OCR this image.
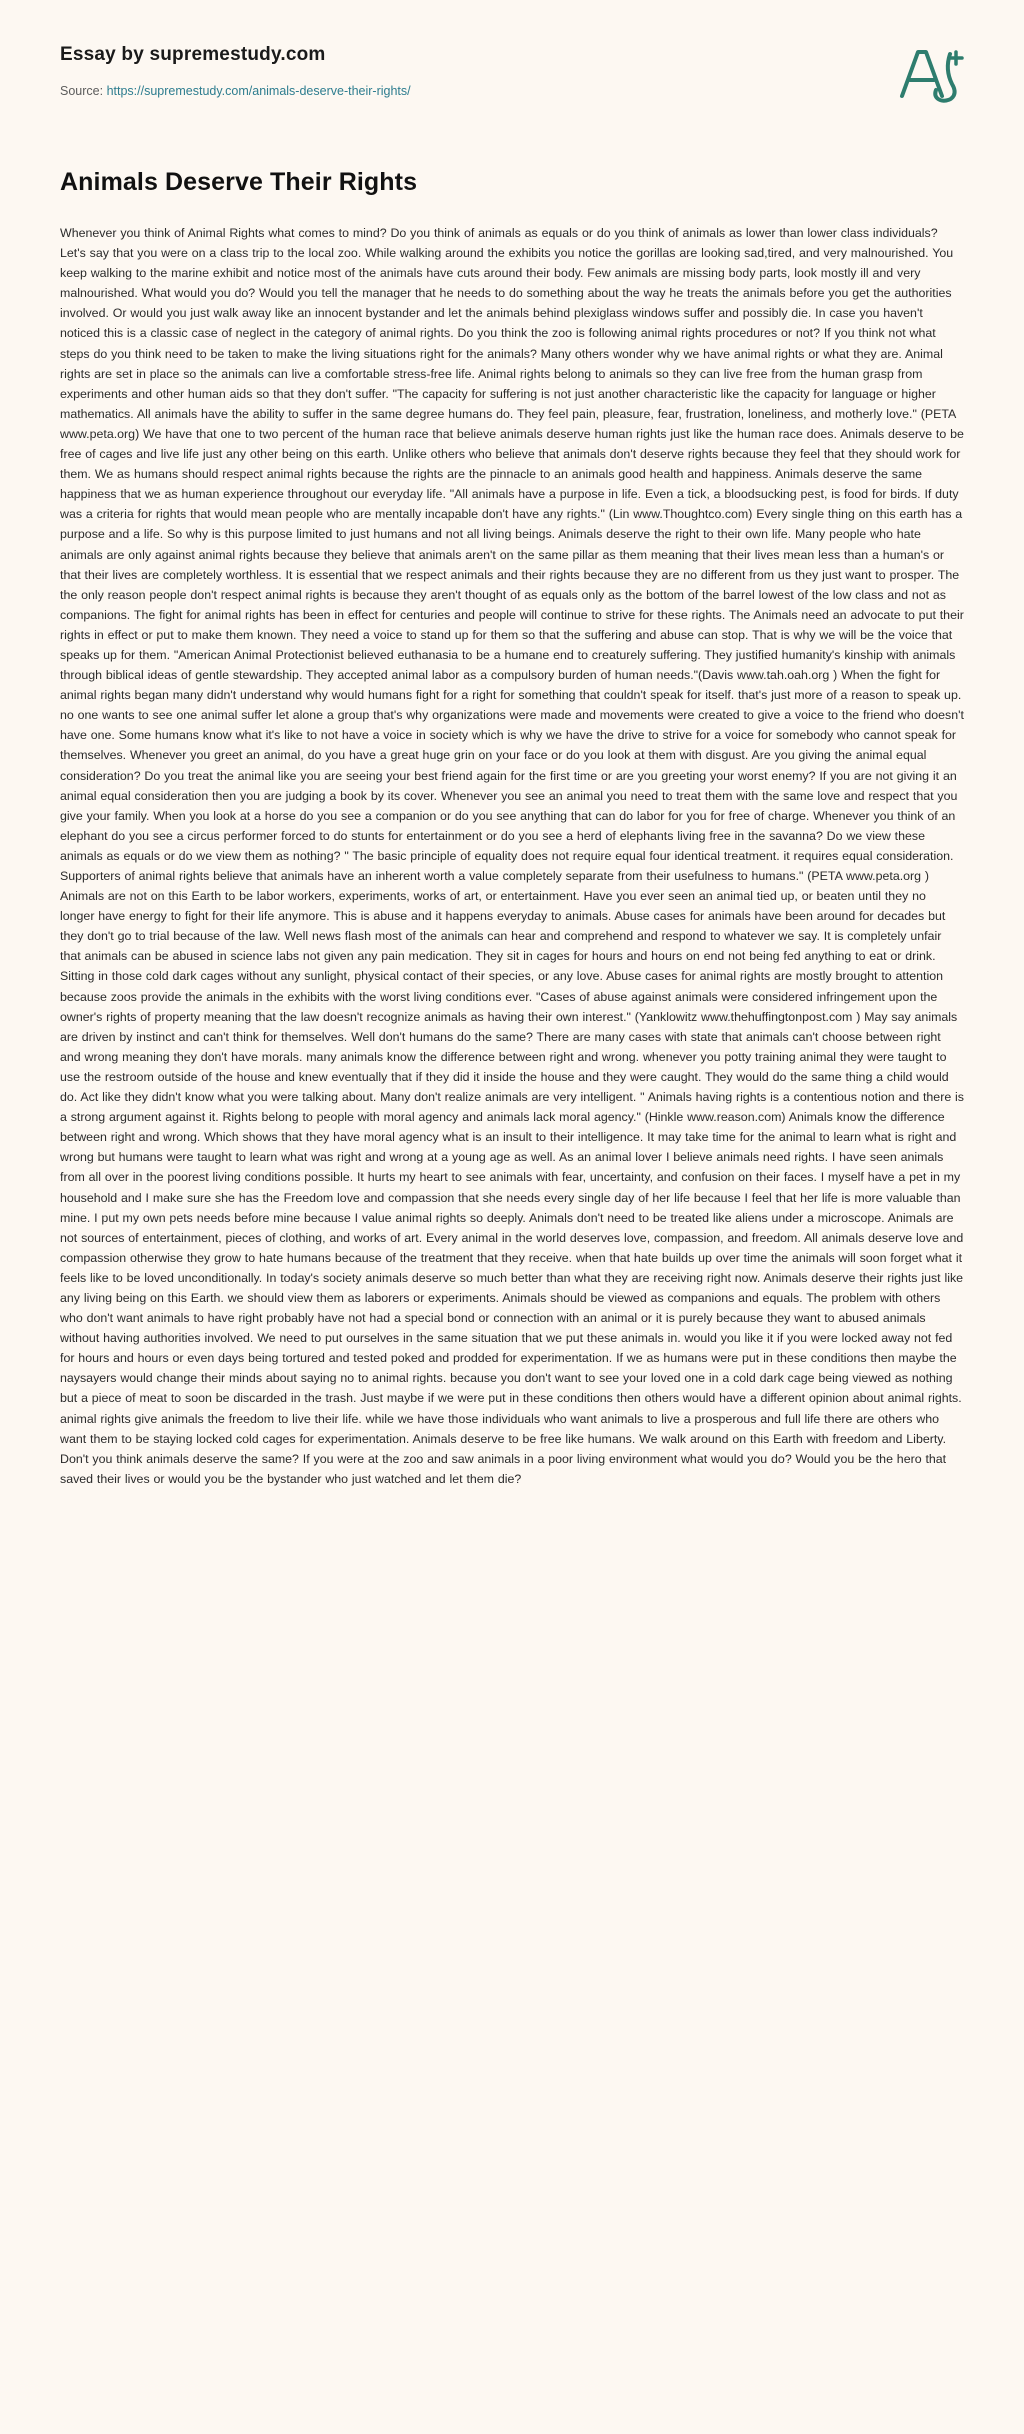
Essay by supremestudy.com
Source: https://supremestudy.com/animals-deserve-their-rights/
Animals Deserve Their Rights

Whenever you think of Animal Rights what comes to mind? Do you think of animals as equals or do you think of animals as lower than lower class individuals? Let's say that you were on a class trip to the local zoo. While walking around the exhibits you notice the gorillas are looking sad,tired, and very malnourished. You keep walking to the marine exhibit and notice most of the animals have cuts around their body. Few animals are missing body parts, look mostly ill and very malnourished. What would you do? Would you tell the manager that he needs to do something about the way he treats the animals before you get the authorities involved. Or would you just walk away like an innocent bystander and let the animals behind plexiglass windows suffer and possibly die. In case you haven't noticed this is a classic case of neglect in the category of animal rights. Do you think the zoo is following animal rights procedures or not? If you think not what steps do you think need to be taken to make the living situations right for the animals? Many others wonder why we have animal rights or what they are. Animal rights are set in place so the animals can live a comfortable stress-free life. Animal rights belong to animals so they can live free from the human grasp from experiments and other human aids so that they don't suffer. "The capacity for suffering is not just another characteristic like the capacity for language or higher mathematics. All animals have the ability to suffer in the same degree humans do. They feel pain, pleasure, fear, frustration, loneliness, and motherly love." (PETA www.peta.org) We have that one to two percent of the human race that believe animals deserve human rights just like the human race does. Animals deserve to be free of cages and live life just any other being on this earth. Unlike others who believe that animals don't deserve rights because they feel that they should work for them. We as humans should respect animal rights because the rights are the pinnacle to an animals good health and happiness. Animals deserve the same happiness that we as human experience throughout our everyday life. "All animals have a purpose in life. Even a tick, a bloodsucking pest, is food for birds. If duty was a criteria for rights that would mean people who are mentally incapable don't have any rights." (Lin www.Thoughtco.com) Every single thing on this earth has a purpose and a life. So why is this purpose limited to just humans and not all living beings. Animals deserve the right to their own life. Many people who hate animals are only against animal rights because they believe that animals aren't on the same pillar as them meaning that their lives mean less than a human's or that their lives are completely worthless. It is essential that we respect animals and their rights because they are no different from us they just want to prosper. The the only reason people don't respect animal rights is because they aren't thought of as equals only as the bottom of the barrel lowest of the low class and not as companions. The fight for animal rights has been in effect for centuries and people will continue to strive for these rights. The Animals need an advocate to put their rights in effect or put to make them known. They need a voice to stand up for them so that the suffering and abuse can stop. That is why we will be the voice that speaks up for them. "American Animal Protectionist believed euthanasia to be a humane end to creaturely suffering. They justified humanity's kinship with animals through biblical ideas of gentle stewardship. They accepted animal labor as a compulsory burden of human needs."(Davis www.tah.oah.org ) When the fight for animal rights began many didn't understand why would humans fight for a right for something that couldn't speak for itself. that's just more of a reason to speak up. no one wants to see one animal suffer let alone a group that's why organizations were made and movements were created to give a voice to the friend who doesn't have one. Some humans know what it's like to not have a voice in society which is why we have the drive to strive for a voice for somebody who cannot speak for themselves. Whenever you greet an animal, do you have a great huge grin on your face or do you look at them with disgust. Are you giving the animal equal consideration? Do you treat the animal like you are seeing your best friend again for the first time or are you greeting your worst enemy? If you are not giving it an animal equal consideration then you are judging a book by its cover. Whenever you see an animal you need to treat them with the same love and respect that you give your family. When you look at a horse do you see a companion or do you see anything that can do labor for you for free of charge. Whenever you think of an elephant do you see a circus performer forced to do stunts for entertainment or do you see a herd of elephants living free in the savanna? Do we view these animals as equals or do we view them as nothing? " The basic principle of equality does not require equal four identical treatment. it requires equal consideration. Supporters of animal rights believe that animals have an inherent worth a value completely separate from their usefulness to humans." (PETA www.peta.org ) Animals are not on this Earth to be labor workers, experiments, works of art, or entertainment. Have you ever seen an animal tied up, or beaten until they no longer have energy to fight for their life anymore. This is abuse and it happens everyday to animals. Abuse cases for animals have been around for decades but they don't go to trial because of the law. Well news flash most of the animals can hear and comprehend and respond to whatever we say. It is completely unfair that animals can be abused in science labs not given any pain medication. They sit in cages for hours and hours on end not being fed anything to eat or drink. Sitting in those cold dark cages without any sunlight, physical contact of their species, or any love. Abuse cases for animal rights are mostly brought to attention because zoos provide the animals in the exhibits with the worst living conditions ever. "Cases of abuse against animals were considered infringement upon the owner's rights of property meaning that the law doesn't recognize animals as having their own interest." (Yanklowitz www.thehuffingtonpost.com ) May say animals are driven by instinct and can't think for themselves. Well don't humans do the same? There are many cases with state that animals can't choose between right and wrong meaning they don't have morals. many animals know the difference between right and wrong. whenever you potty training animal they were taught to use the restroom outside of the house and knew eventually that if they did it inside the house and they were caught. They would do the same thing a child would do. Act like they didn't know what you were talking about. Many don't realize animals are very intelligent. " Animals having rights is a contentious notion and there is a strong argument against it. Rights belong to people with moral agency and animals lack moral agency." (Hinkle www.reason.com) Animals know the difference between right and wrong. Which shows that they have moral agency what is an insult to their intelligence. It may take time for the animal to learn what is right and wrong but humans were taught to learn what was right and wrong at a young age as well. As an animal lover I believe animals need rights. I have seen animals from all over in the poorest living conditions possible. It hurts my heart to see animals with fear, uncertainty, and confusion on their faces. I myself have a pet in my household and I make sure she has the Freedom love and compassion that she needs every single day of her life because I feel that her life is more valuable than mine. I put my own pets needs before mine because I value animal rights so deeply. Animals don't need to be treated like aliens under a microscope. Animals are not sources of entertainment, pieces of clothing, and works of art. Every animal in the world deserves love, compassion, and freedom. All animals deserve love and compassion otherwise they grow to hate humans because of the treatment that they receive. when that hate builds up over time the animals will soon forget what it feels like to be loved unconditionally. In today's society animals deserve so much better than what they are receiving right now. Animals deserve their rights just like any living being on this Earth. we should view them as laborers or experiments. Animals should be viewed as companions and equals. The problem with others who don't want animals to have right probably have not had a special bond or connection with an animal or it is purely because they want to abused animals without having authorities involved. We need to put ourselves in the same situation that we put these animals in. would you like it if you were locked away not fed for hours and hours or even days being tortured and tested poked and prodded for experimentation. If we as humans were put in these conditions then maybe the naysayers would change their minds about saying no to animal rights. because you don't want to see your loved one in a cold dark cage being viewed as nothing but a piece of meat to soon be discarded in the trash. Just maybe if we were put in these conditions then others would have a different opinion about animal rights. animal rights give animals the freedom to live their life. while we have those individuals who want animals to live a prosperous and full life there are others who want them to be staying locked cold cages for experimentation. Animals deserve to be free like humans. We walk around on this Earth with freedom and Liberty. Don't you think animals deserve the same? If you were at the zoo and saw animals in a poor living environment what would you do? Would you be the hero that saved their lives or would you be the bystander who just watched and let them die?
